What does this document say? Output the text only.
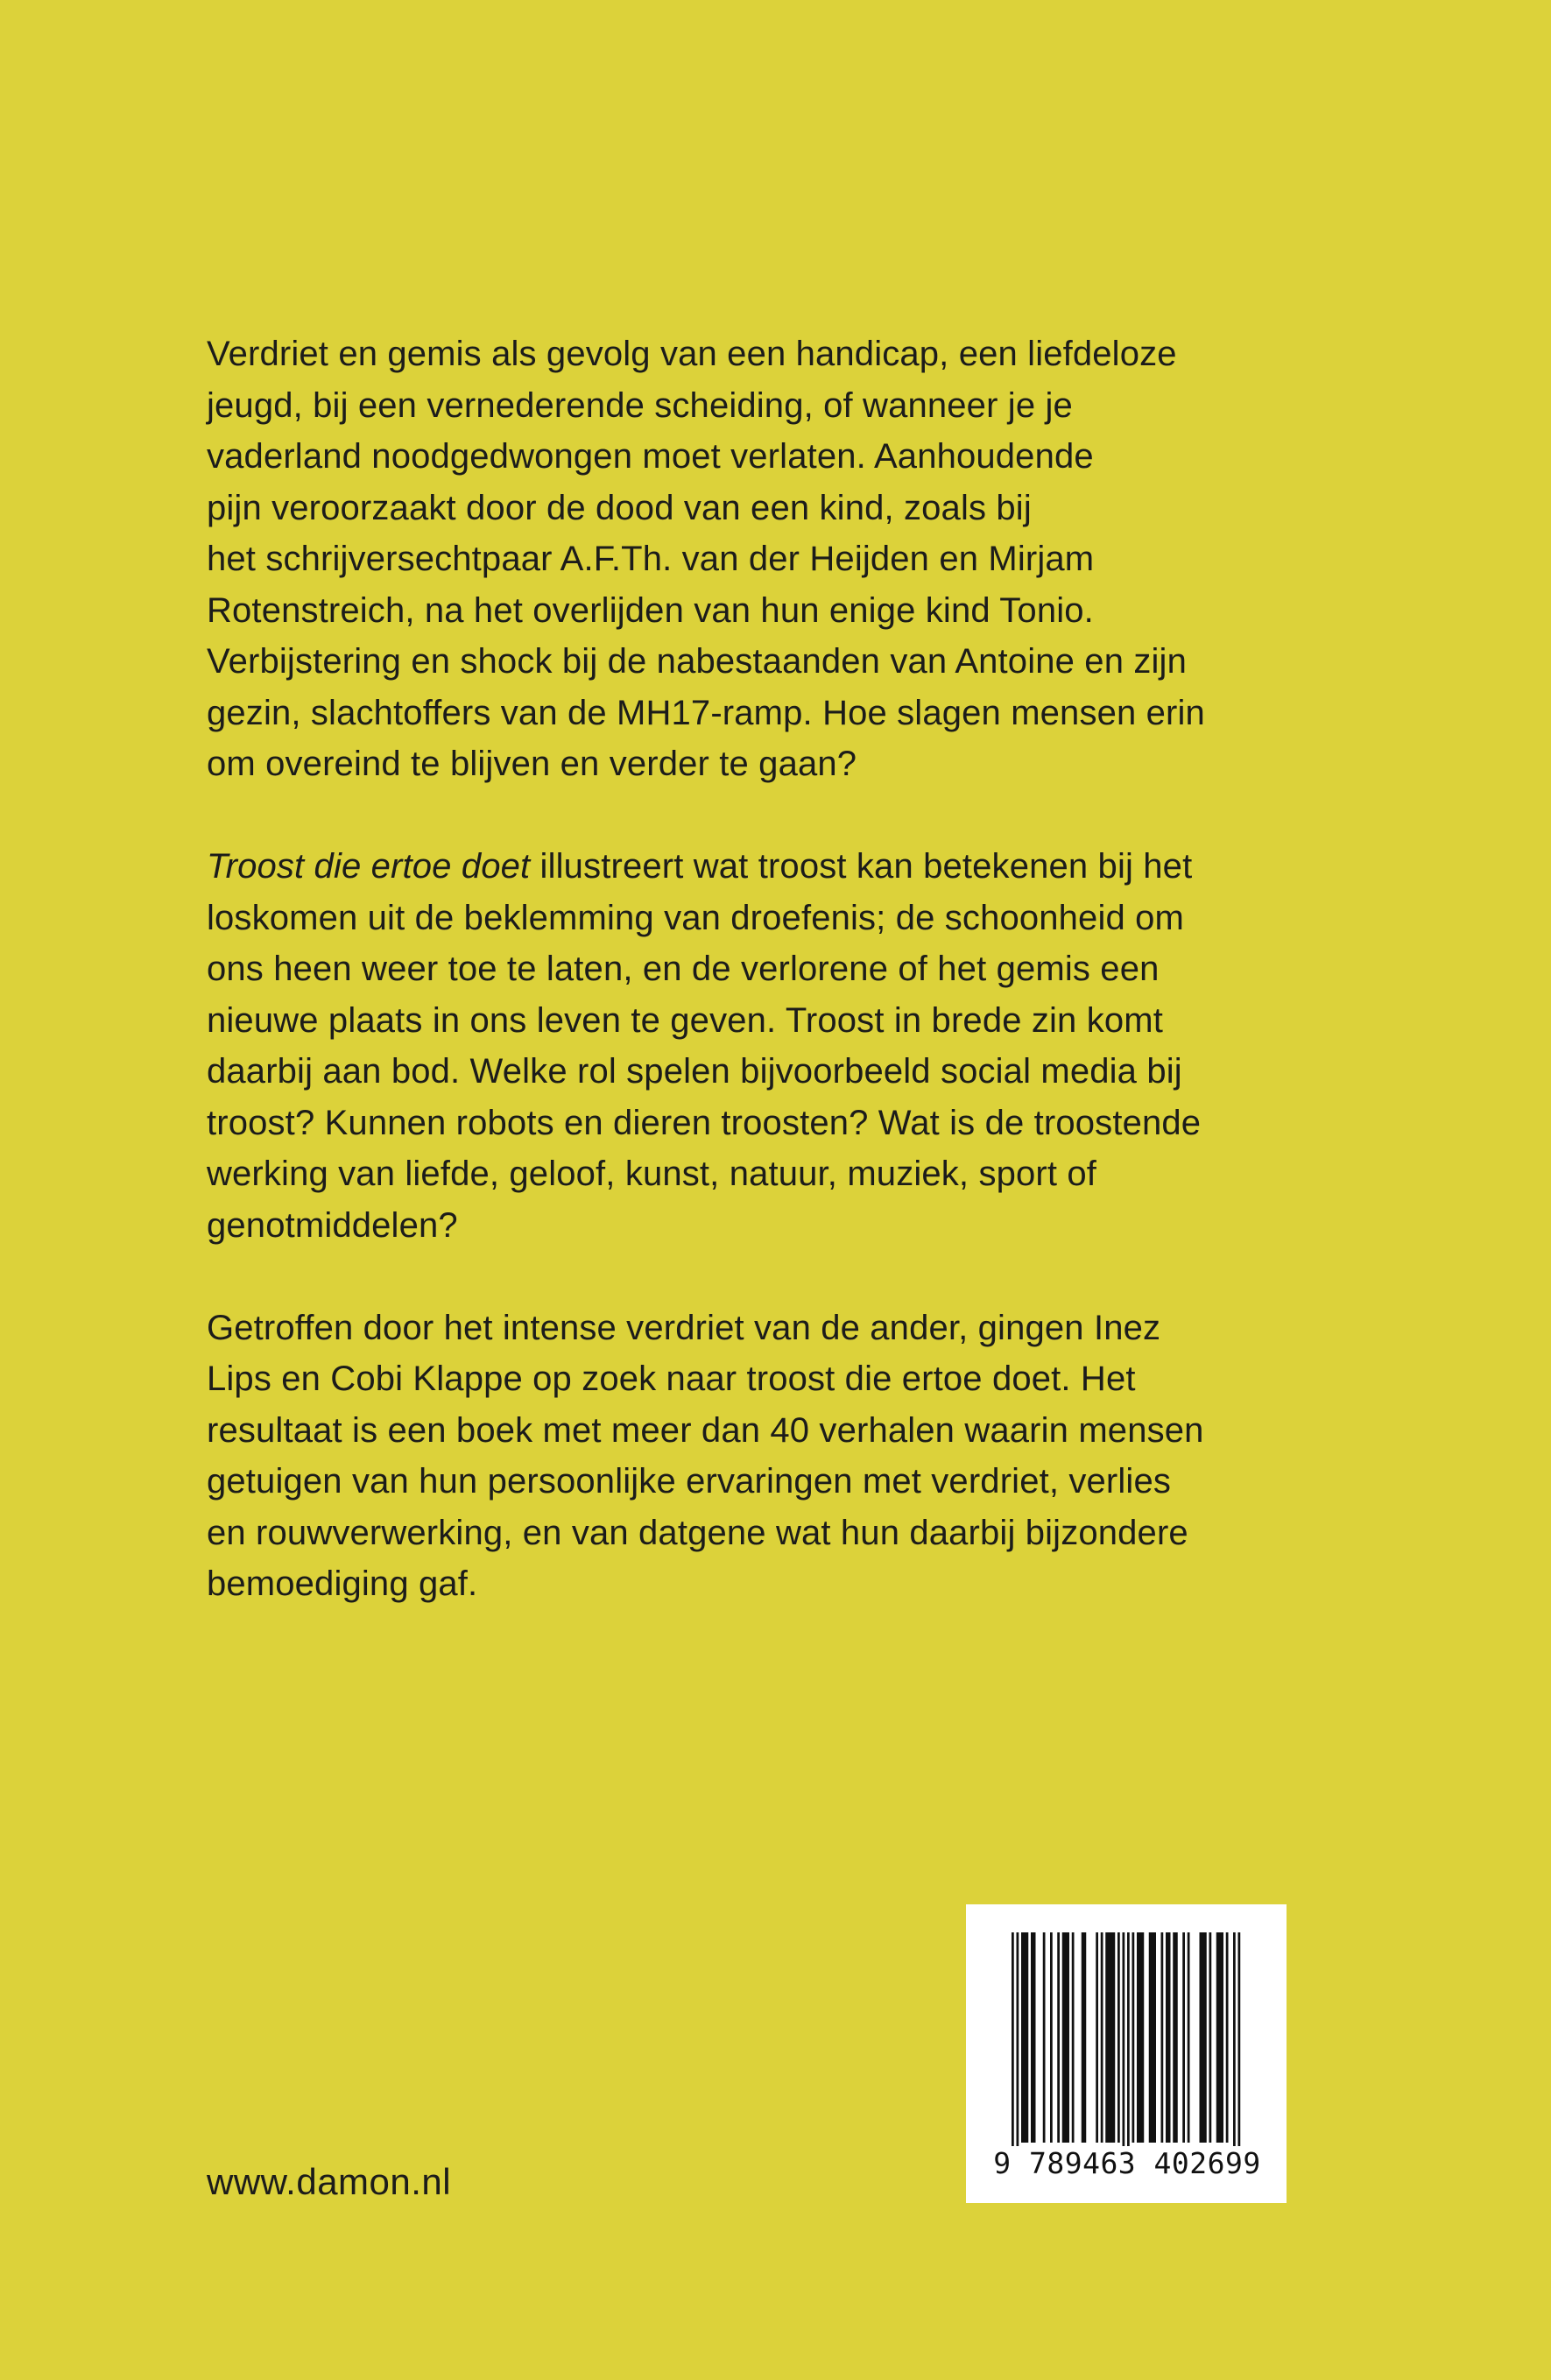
Verdriet en gemis als gevolg van een handicap, een liefdeloze
jeugd, bij een vernederende scheiding, of wanneer je je
vaderland noodgedwongen moet verlaten. Aanhoudende
pijn veroorzaakt door de dood van een kind, zoals bij
het schrijversechtpaar A.F.Th. van der Heijden en Mirjam
Rotenstreich, na het overlijden van hun enige kind Tonio.
Verbijstering en shock bij de nabestaanden van Antoine en zijn
gezin, slachtoffers van de MH17-ramp. Hoe slagen mensen erin
om overeind te blijven en verder te gaan?
Troost die ertoe doet illustreert wat troost kan betekenen bij het
loskomen uit de beklemming van droefenis; de schoonheid om
ons heen weer toe te laten, en de verlorene of het gemis een
nieuwe plaats in ons leven te geven. Troost in brede zin komt
daarbij aan bod. Welke rol spelen bijvoorbeeld social media bij
troost? Kunnen robots en dieren troosten? Wat is de troostende
werking van liefde, geloof, kunst, natuur, muziek, sport of
genotmiddelen?
Getroffen door het intense verdriet van de ander, gingen Inez
Lips en Cobi Klappe op zoek naar troost die ertoe doet. Het
resultaat is een boek met meer dan 40 verhalen waarin mensen
getuigen van hun persoonlijke ervaringen met verdriet, verlies
en rouwverwerking, en van datgene wat hun daarbij bijzondere
bemoediging gaf.
www.damon.nl	9 789463 402699
